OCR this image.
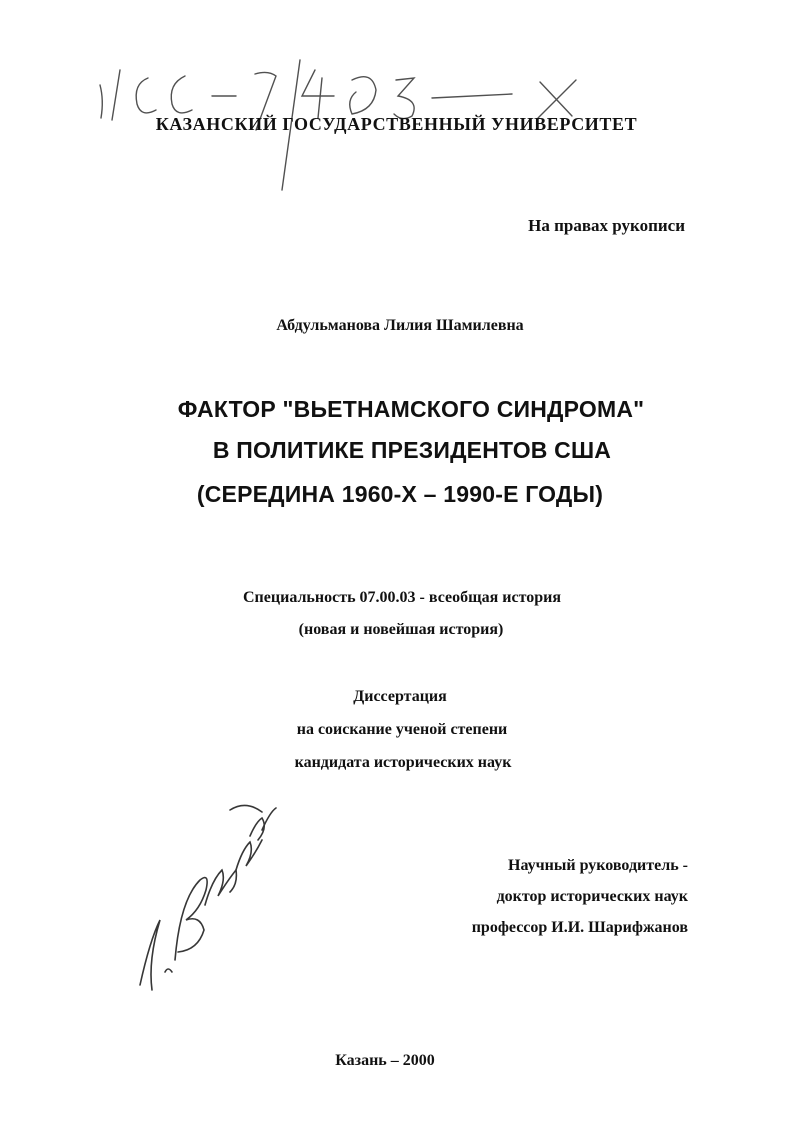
КАЗАНСКИЙ ГОСУДАРСТВЕННЫЙ УНИВЕРСИТЕТ
На правах рукописи
Абдульманова Лилия Шамилевна
ФАКТОР "ВЬЕТНАМСКОГО СИНДРОМА"
В ПОЛИТИКЕ ПРЕЗИДЕНТОВ США
(СЕРЕДИНА 1960-Х – 1990-Е ГОДЫ)
Специальность 07.00.03 - всеобщая история
(новая и новейшая история)
Диссертация
на соискание ученой степени
кандидата исторических наук
Научный руководитель -
доктор исторических наук
профессор И.И. Шарифжанов
Казань – 2000
